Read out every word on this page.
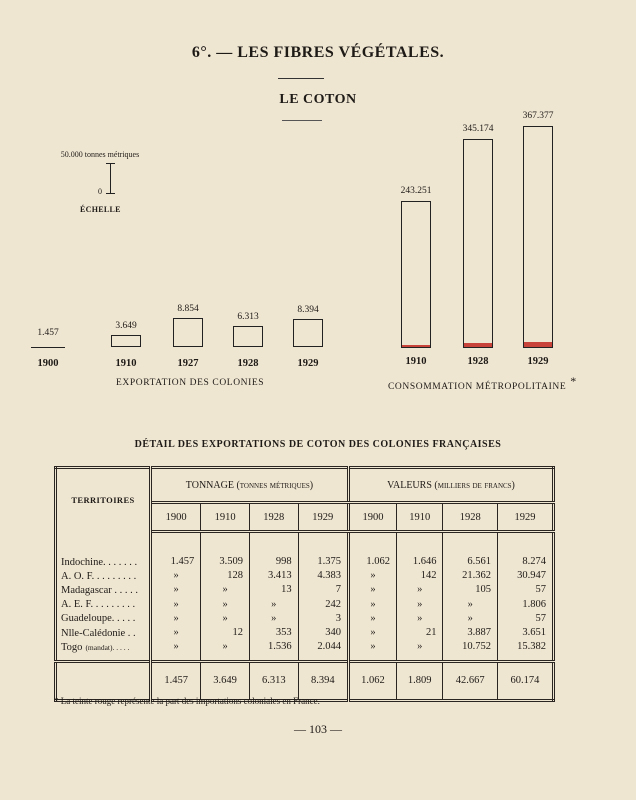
6°. — LES FIBRES VÉGÉTALES.
LE COTON
50.000 tonnes métriques
0
ÉCHELLE
1.457
1900
3.649
1910
8.854
1927
6.313
1928
8.394
1929
EXPORTATION DES COLONIES
243.251
1910
345.174
1928
367.377
1929
CONSOMMATION MÉTROPOLITAINE *
DÉTAIL DES EXPORTATIONS DE COTON DES COLONIES FRANÇAISES
TERRITOIRES	TONNAGE (tonnes métriques)				VALEURS (milliers de francs)			
	1900	1910	1928	1929	1900	1910	1928	1929

Indochine. . . . . . .	1.457	3.509	998	1.375	1.062	1.646	6.561	8.274
A. O. F. . . . . . . . .	»	128	3.413	4.383	»	142	21.362	30.947
Madagascar . . . . .	»	»	13	7	»	»	105	57
A. E. F. . . . . . . . .	»	»	»	242	»	»	»	1.806
Guadeloupe. . . . .	»	»	»	3	»	»	»	57
Nlle-Calédonie . .	»	12	353	340	»	21	3.887	3.651
Togo (mandat). . . . .	»	»	1.536	2.044	»	»	10.752	15.382

	1.457	3.649	6.313	8.394	1.062	1.809	42.667	60.174
* La teinte rouge représente la part des importations coloniales en France.
— 103 —
